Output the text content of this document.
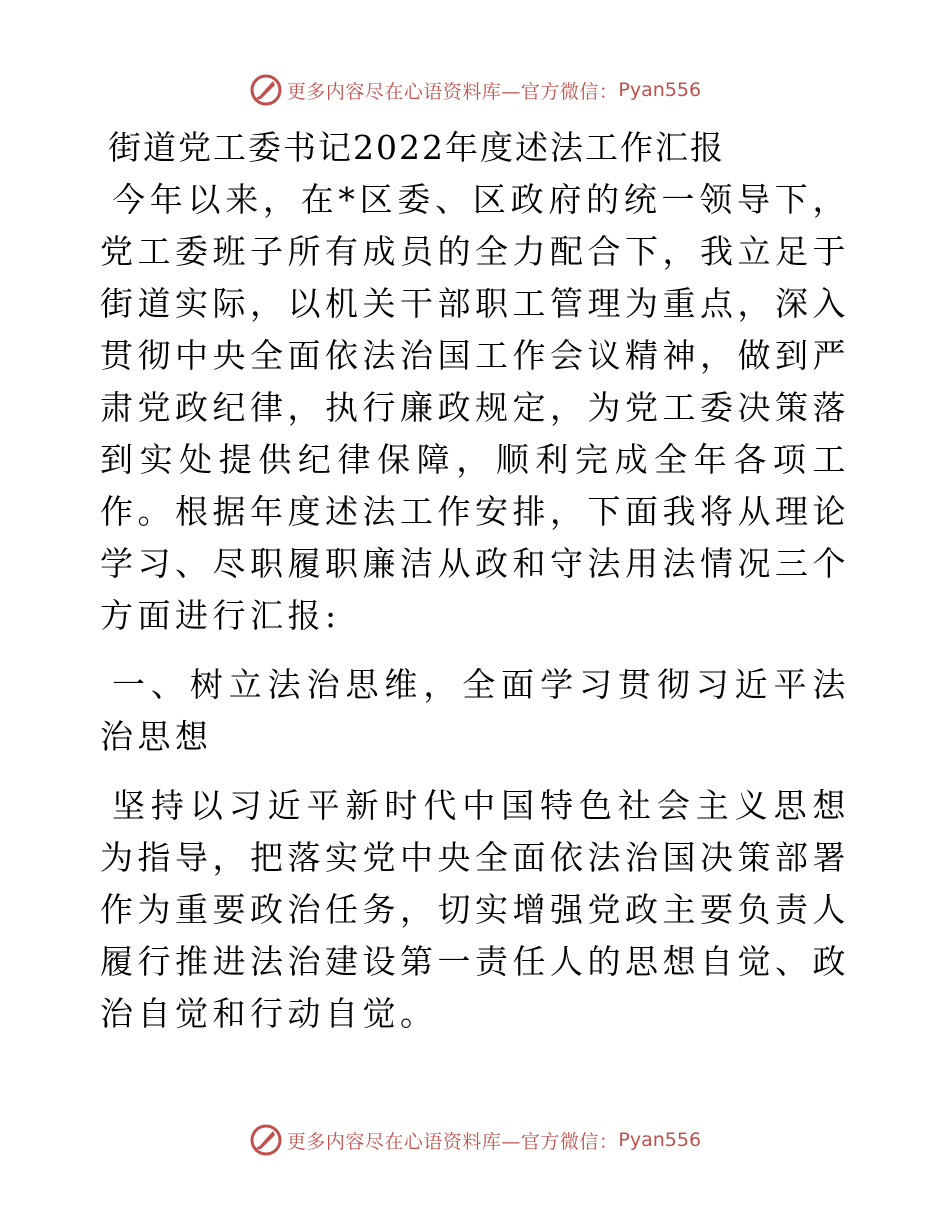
更多内容尽在心语资料库—官方微信： Pyan556
街道党工委书记2022年度述法工作汇报

今年以来，在*区委、区政府的统一领导下，党工委班子所有成员的全力配合下，我立足于街道实际，以机关干部职工管理为重点，深入贯彻中央全面依法治国工作会议精神，做到严肃党政纪律，执行廉政规定，为党工委决策落到实处提供纪律保障，顺利完成全年各项工作。根据年度述法工作安排，下面我将从理论学习、尽职履职廉洁从政和守法用法情况三个方面进行汇报:

一、树立法治思维，全面学习贯彻习近平法治思想

坚持以习近平新时代中国特色社会主义思想为指导，把落实党中央全面依法治国决策部署作为重要政治任务，切实增强党政主要负责人履行推进法治建设第一责任人的思想自觉、政治自觉和行动自觉。

更多内容尽在心语资料库—官方微信： Pyan556
